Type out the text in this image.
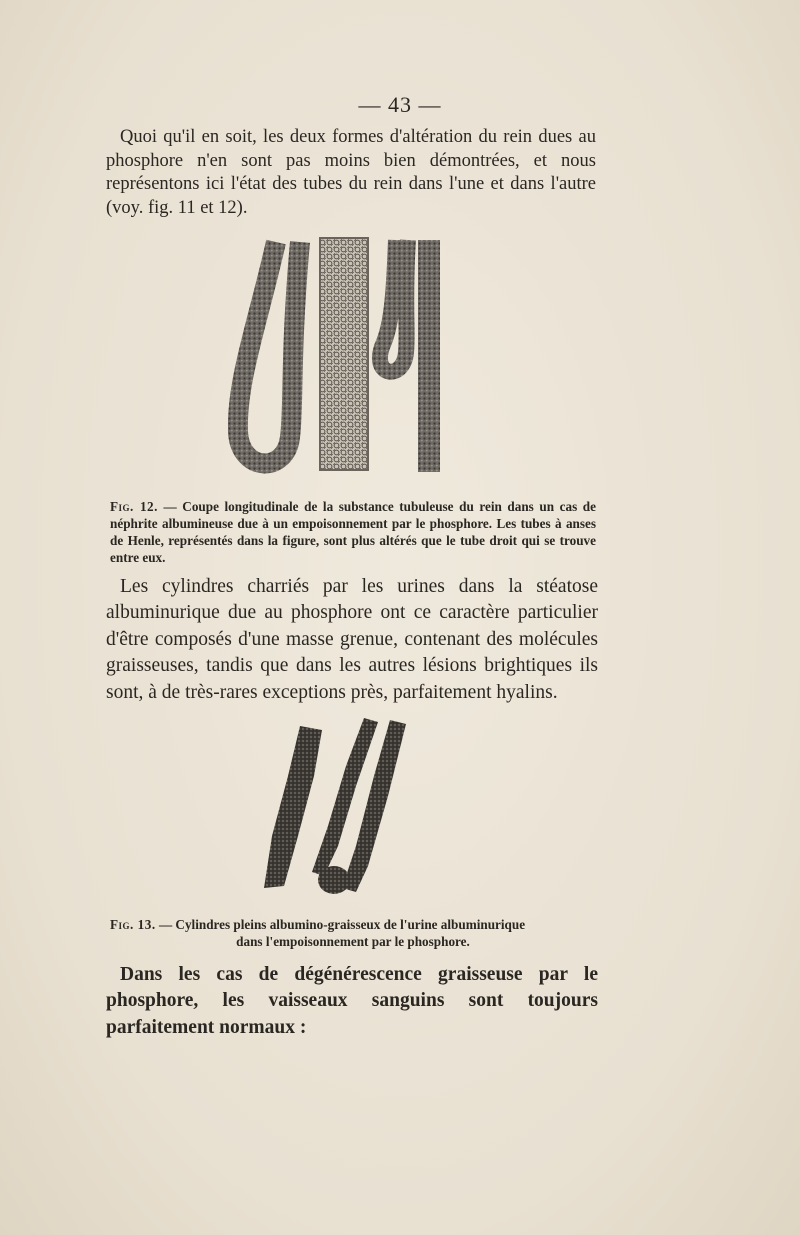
— 43 —

Quoi qu'il en soit, les deux formes d'altération du rein dues au phosphore n'en sont pas moins bien démontrées, et nous représentons ici l'état des tubes du rein dans l'une et dans l'autre (voy. fig. 11 et 12).

Fig. 12. — Coupe longitudinale de la substance tubuleuse du rein dans un cas de néphrite albumineuse due à un empoisonnement par le phosphore. Les tubes à anses de Henle, représentés dans la figure, sont plus altérés que le tube droit qui se trouve entre eux.

Les cylindres charriés par les urines dans la stéatose albuminurique due au phosphore ont ce caractère particulier d'être composés d'une masse grenue, contenant des molécules graisseuses, tandis que dans les autres lésions brightiques ils sont, à de très-rares exceptions près, parfaitement hyalins.

Fig. 13. — Cylindres pleins albumino-graisseux de l'urine albuminurique
dans l'empoisonnement par le phosphore.

Dans les cas de dégénérescence graisseuse par le phosphore, les vaisseaux sanguins sont toujours parfaitement normaux :
